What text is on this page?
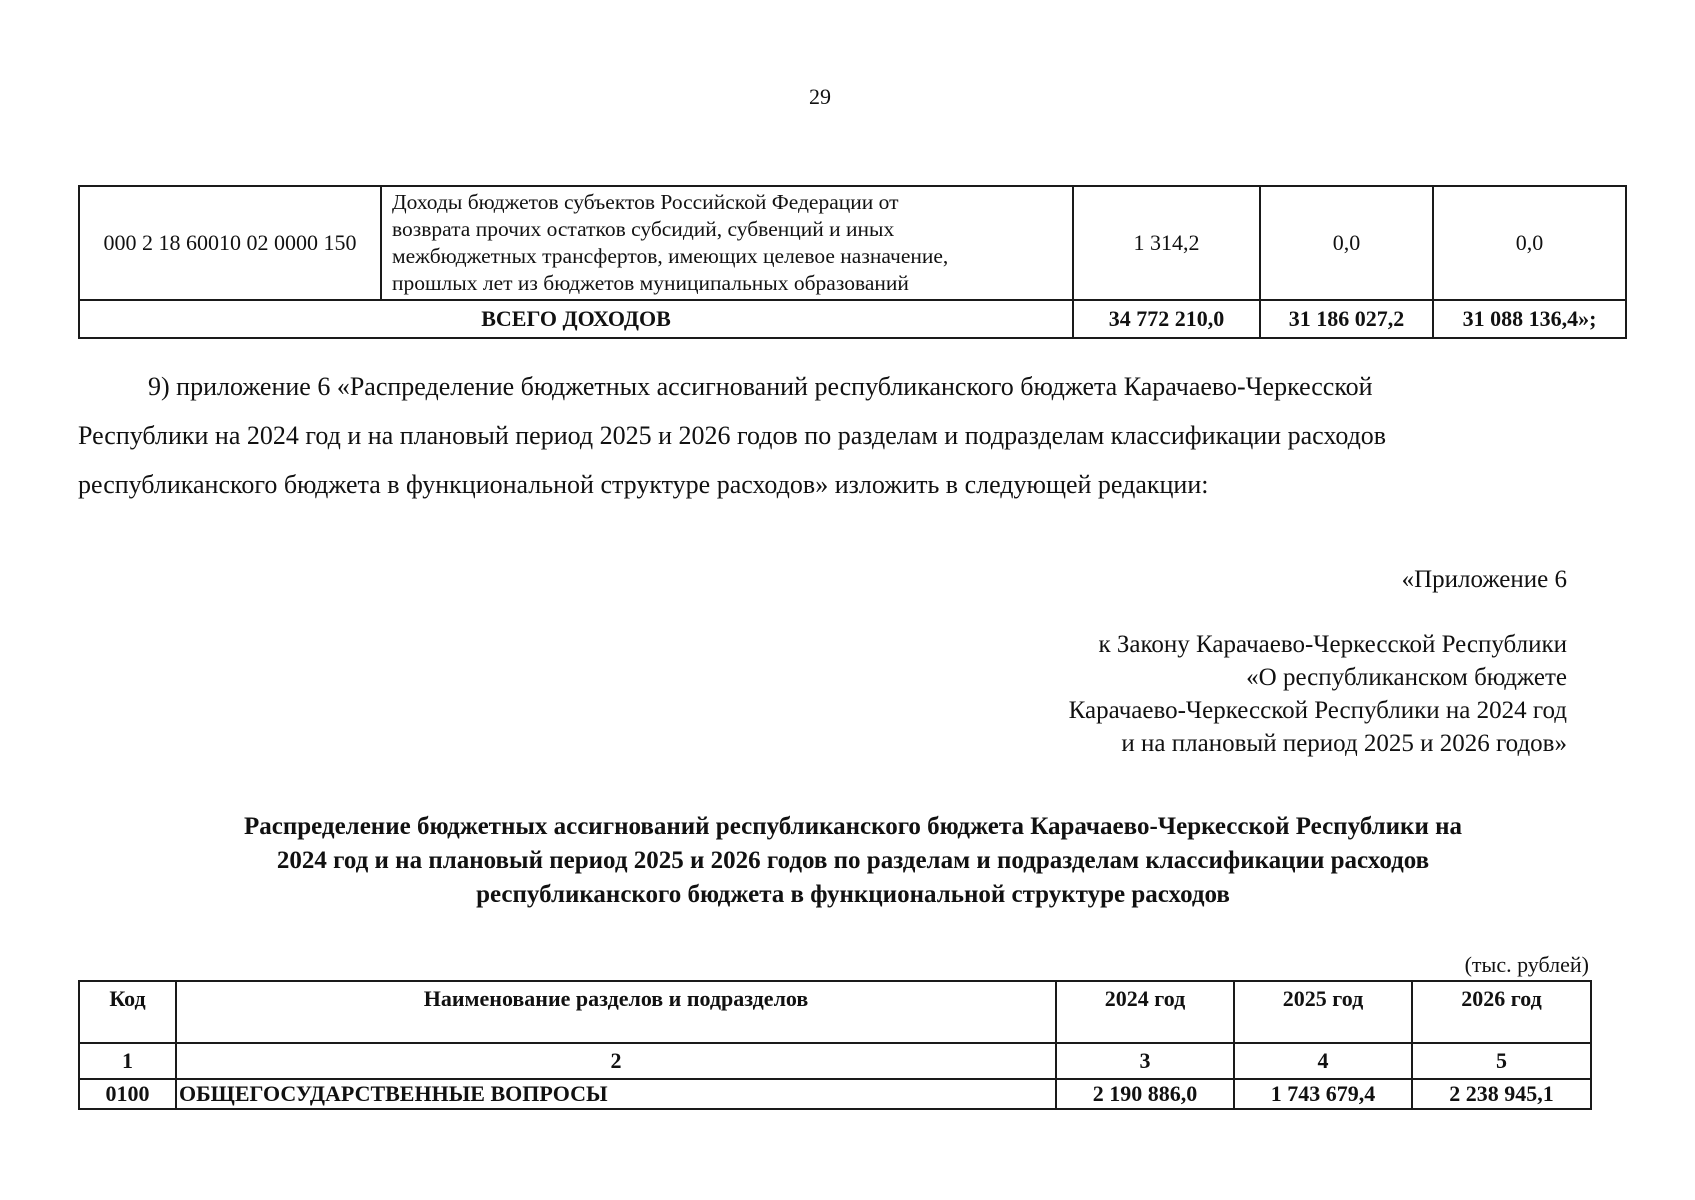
29
000 2 18 60010 02 0000 150	Доходы бюджетов субъектов Российской Федерации от
возврата прочих остатков субсидий, субвенций и иных
межбюджетных трансфертов, имеющих целевое назначение,
прошлых лет из бюджетов муниципальных образований	1 314,2	0,0	0,0
ВСЕГО ДОХОДОВ		34 772 210,0	31 186 027,2	31 088 136,4»;
9) приложение 6 «Распределение бюджетных ассигнований республиканского бюджета Карачаево-Черкесской
Республики на 2024 год и на плановый период 2025 и 2026 годов по разделам и подразделам классификации расходов
республиканского бюджета в функциональной структуре расходов» изложить в следующей редакции:
«Приложение 6
к Закону Карачаево-Черкесской Республики
«О республиканском бюджете
Карачаево-Черкесской Республики на 2024 год
и на плановый период 2025 и 2026 годов»
Распределение бюджетных ассигнований республиканского бюджета Карачаево-Черкесской Республики на
2024 год и на плановый период 2025 и 2026 годов по разделам и подразделам классификации расходов
республиканского бюджета в функциональной структуре расходов
(тыс. рублей)
Код	Наименование разделов и подразделов	2024 год	2025 год	2026 год
1	2	3	4	5
0100	ОБЩЕГОСУДАРСТВЕННЫЕ ВОПРОСЫ	2 190 886,0	1 743 679,4	2 238 945,1
